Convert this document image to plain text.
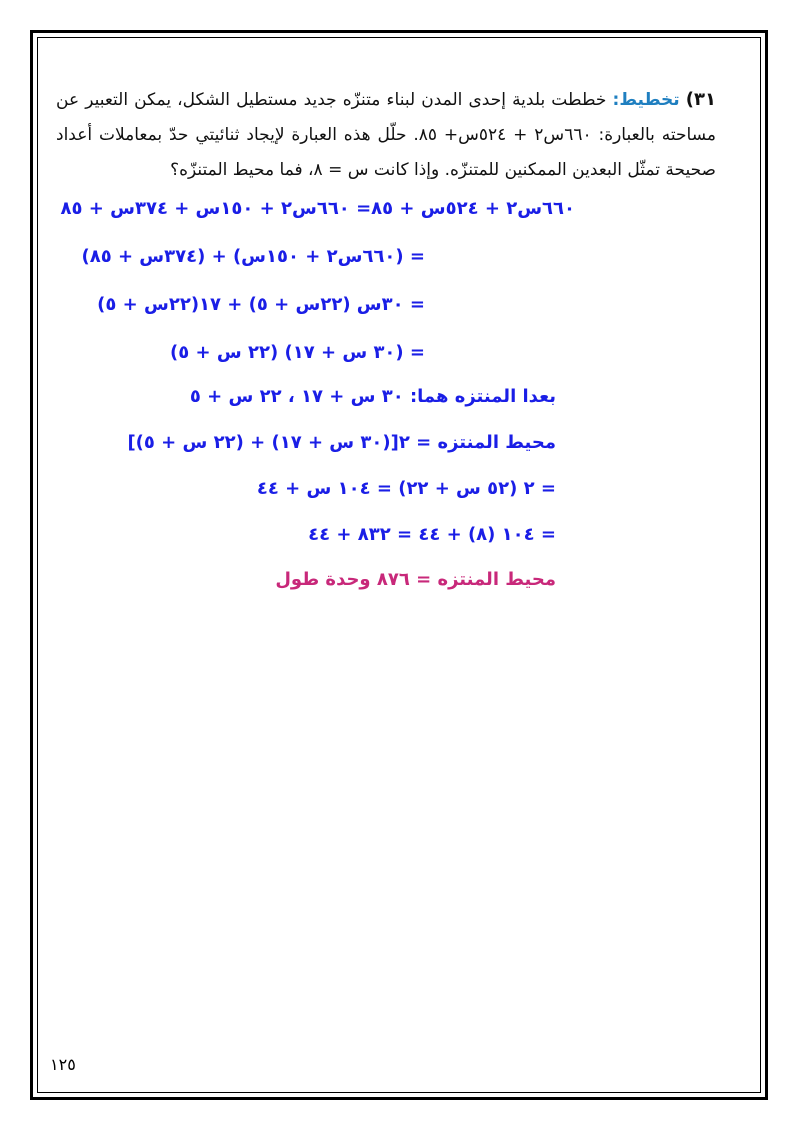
٣١) تخطيط: خططت بلدية إحدى المدن لبناء متنزّه جديد مستطيل الشكل، يمكن التعبير عن مساحته بالعبارة: ٦٦٠س٢ + ٥٢٤س+ ٨٥. حلّل هذه العبارة لإيجاد ثنائيتي حدّ بمعاملات أعداد صحيحة تمثّل البعدين الممكنين للمتنزّه. وإذا كانت س = ٨، فما محيط المتنزّه؟
٦٦٠س٢ + ٥٢٤س + ٨٥= ٦٦٠س٢ + ١٥٠س + ٣٧٤س + ٨٥
= (٦٦٠س٢ + ١٥٠س) + (٣٧٤س + ٨٥)
= ٣٠س (٢٢س + ٥) + ١٧(٢٢س + ٥)
= (٣٠ س + ١٧) (٢٢ س + ٥)
بعدا المنتزه هما: ٣٠ س + ١٧ ، ٢٢ س + ٥
محيط المنتزه = ٢[(٣٠ س + ١٧) + (٢٢ س + ٥)]
= ٢ (٥٢ س + ٢٢) = ١٠٤ س + ٤٤
= ١٠٤ (٨) + ٤٤ = ٨٣٢ + ٤٤
محيط المنتزه = ٨٧٦ وحدة طول
١٢٥
